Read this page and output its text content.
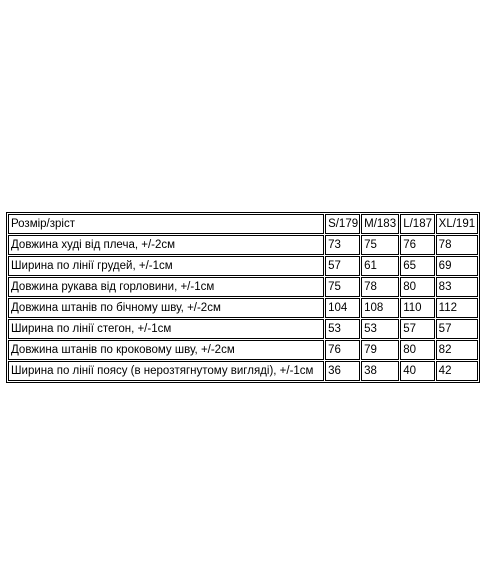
Розмір/зріст	S/179	M/183	L/187	XL/191
Довжина худі від плеча, +/-2см	73	75	76	78
Ширина по лінії грудей, +/-1см	57	61	65	69
Довжина рукава від горловини, +/-1см	75	78	80	83
Довжина штанів по бічному шву, +/-2см	104	108	110	112
Ширина по лінії стегон, +/-1см	53	53	57	57
Довжина штанів по кроковому шву, +/-2см	76	79	80	82
Ширина по лінії поясу (в нерозтягнутому вигляді), +/-1см	36	38	40	42
